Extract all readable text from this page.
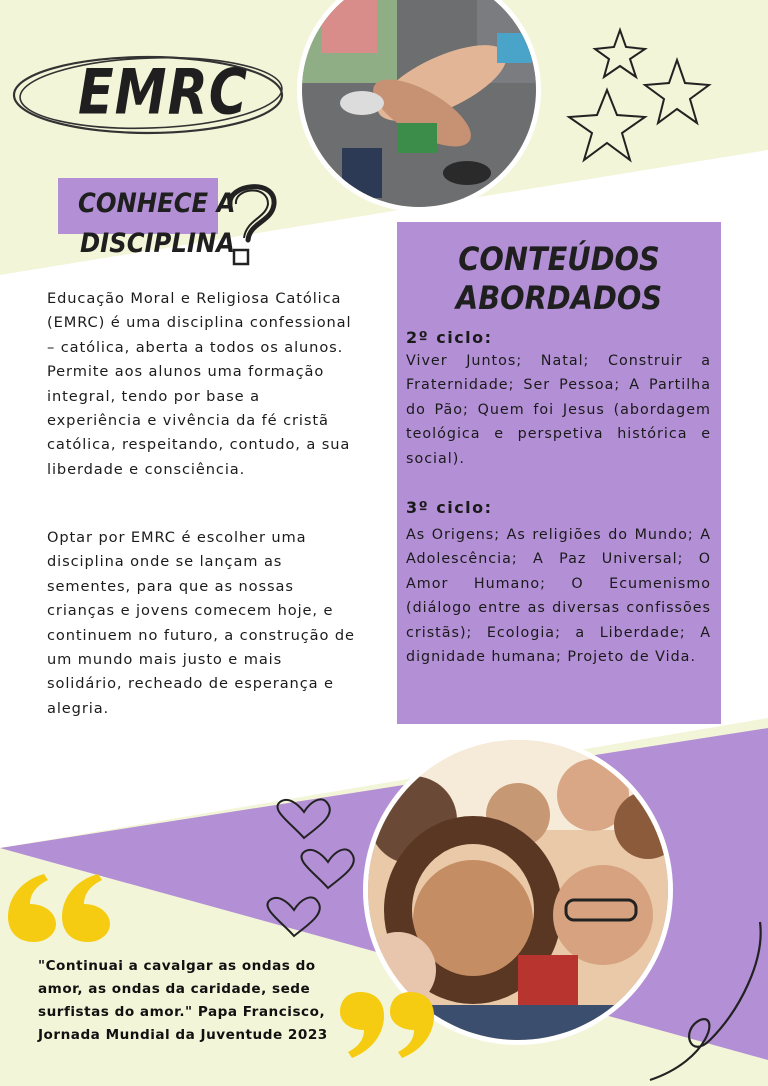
EMRC
CONHECE A
DISCIPLINA
Educação Moral e Religiosa Católica (EMRC) é uma disciplina confessional – católica, aberta a todos os alunos. Permite aos alunos uma formação integral, tendo por base a experiência e vivência da fé cristã católica, respeitando, contudo, a sua liberdade e consciência.
Optar por EMRC é escolher uma disciplina onde se lançam as sementes, para que as nossas crianças e jovens comecem hoje, e continuem no futuro, a construção de um mundo mais justo e mais solidário, recheado de esperança e alegria.
CONTEÚDOS
ABORDADOS
2º ciclo:
Viver Juntos; Natal; Construir a Fraternidade; Ser Pessoa; A Partilha do Pão; Quem foi Jesus (abordagem teológica e perspetiva histórica e social).
3º ciclo:
As Origens; As religiões do Mundo; A Adolescência; A Paz Universal; O Amor Humano; O Ecumenismo (diálogo entre as diversas confissões cristãs); Ecologia; a Liberdade; A dignidade humana; Projeto de Vida.
"Continuai a cavalgar as ondas do amor, as ondas da caridade, sede surfistas do amor." Papa Francisco, Jornada Mundial da Juventude 2023
